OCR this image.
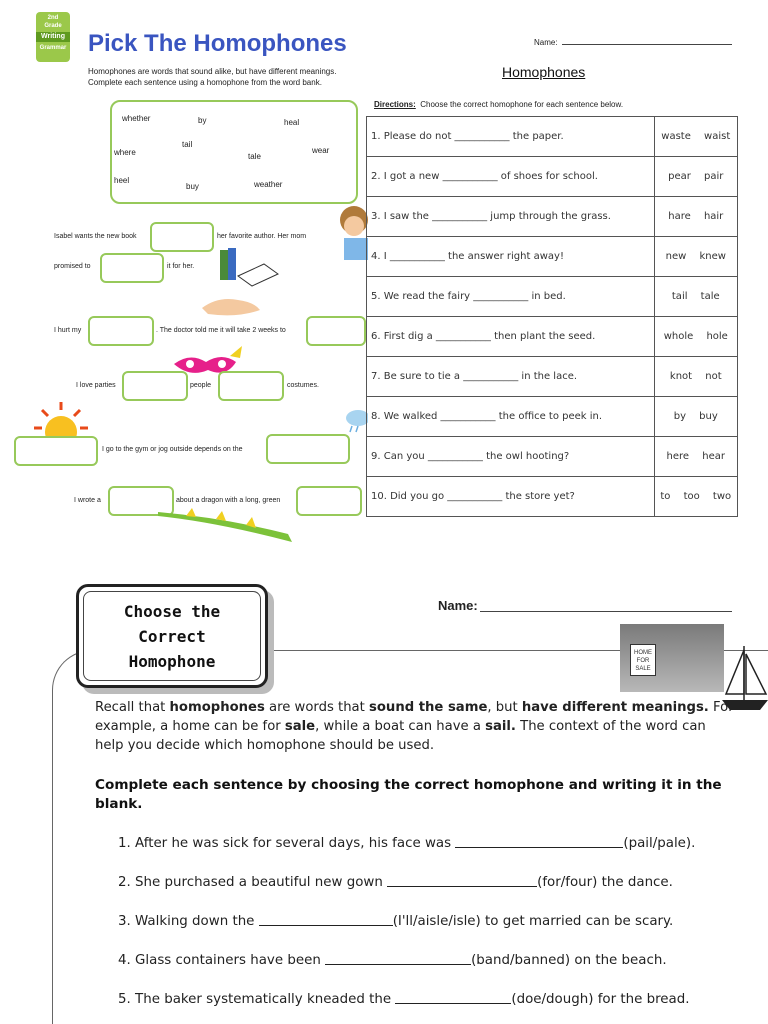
2nd
Grade
Writing
Grammar Pick The Homophones
Homophones are words that sound alike, but have different meanings.
Complete each sentence using a homophone from the word bank.
whether	by	heal
tail
where	tale
wear
heel
buy	weather
Isabel wants the new book	her favorite author. Her mom
promised to	it for her.
I hurt my	. The doctor told me it will take 2 weeks to
I love parties	people	costumes.
I go to the gym or jog outside depends on the
I wrote a	about a dragon with a long, green
Name:
Homophones
Directions: Choose the correct homophone for each sentence below.
1. Please do not ___________ the paper.	waste waist
2. I got a new ___________ of shoes for school.	pear pair
3. I saw the ___________ jump through the grass.	hare hair
4. I ___________ the answer right away!	new knew
5. We read the fairy ___________ in bed.	tail tale
6. First dig a ___________ then plant the seed.	whole hole
7. Be sure to tie a ___________ in the lace.	knot not
8. We walked ___________ the office to peek in.	by buy
9. Can you ___________ the owl hooting?	here hear
10. Did you go ___________ the store yet?	to too two
Choose the
Correct
Homophone
Name:
HOME FOR SALE
Recall that homophones are words that sound the same, but have different meanings. For example, a home can be for sale, while a boat can have a sail. The context of the word can help you decide which homophone should be used.
Complete each sentence by choosing the correct homophone and writing it in the blank.
1. After he was sick for several days, his face was	(pail/pale).
2. She purchased a beautiful new gown	(for/four) the dance.
3. Walking down the	(I'll/aisle/isle) to get married can be scary.
4. Glass containers have been	(band/banned) on the beach.
5. The baker systematically kneaded the	(doe/dough) for the bread.
